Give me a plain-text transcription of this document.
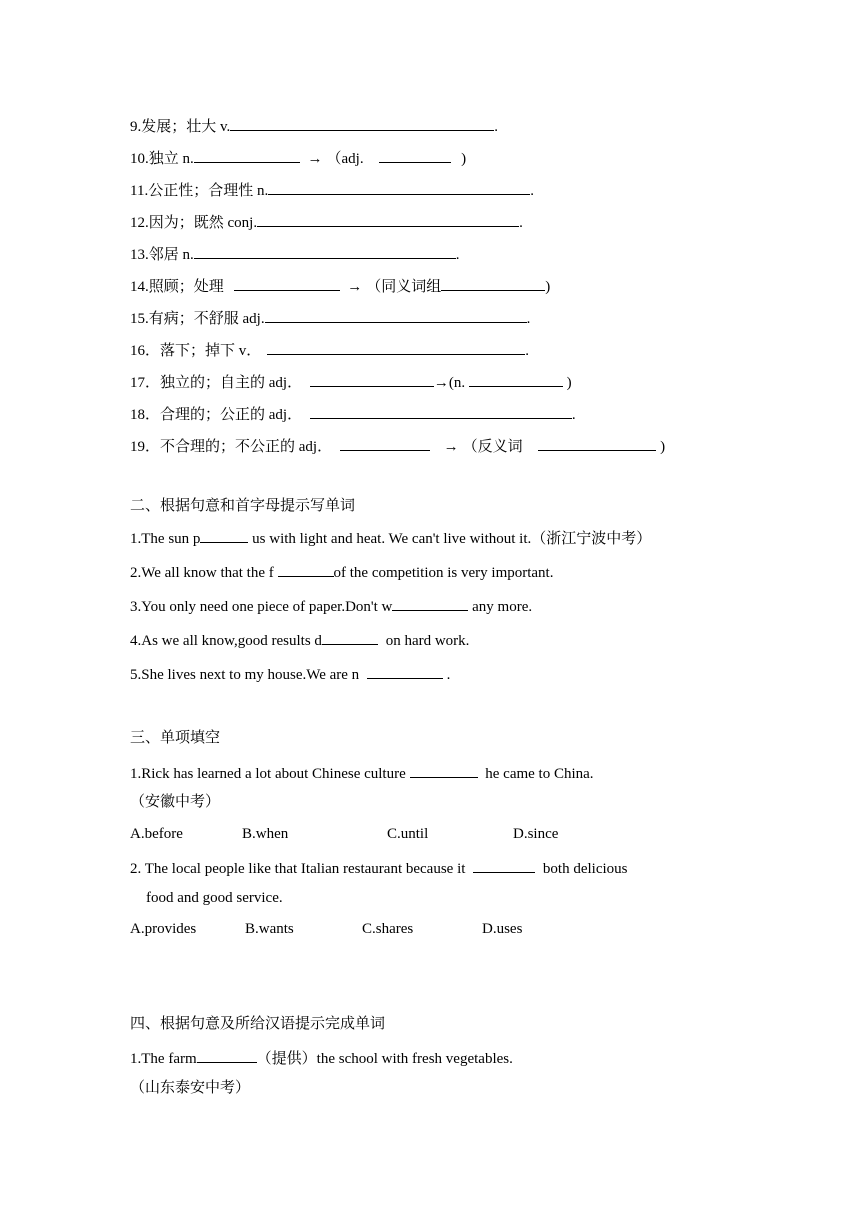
9.发展；壮大 v.	.
10.独立 n.	→ （adj.	)
11.公正性；合理性 n.	.
12.因为；既然 conj.	.
13.邻居 n.	.
14.照顾；处理	→ （同义词组	)
15.有病；不舒服 adj.	.
16．落下；掉下 v．	.
17．独立的；自主的 adj．	→(n.	)
18．合理的；公正的 adj．	.
19．不合理的；不公正的 adj．	→ （反义词	)
二、根据句意和首字母提示写单词
1.The sun p	us with light and heat. We can't live without it.（浙江宁波中考）
2.We all know that the f	of the competition is very important.
3.You only need one piece of paper.Don't w	any more.
4.As we all know,good results d	on hard work.
5.She lives next to my house.We are n	.
三、单项填空
1.Rick has learned a lot about Chinese culture	he came to China.
（安徽中考）
A.before	B.when	C.until	D.since
2. The local people like that Italian restaurant because it	both delicious
food and good service.
A.provides	B.wants	C.shares	D.uses
四、根据句意及所给汉语提示完成单词
1.The farm	（提供）the school with fresh vegetables.
（山东泰安中考）
